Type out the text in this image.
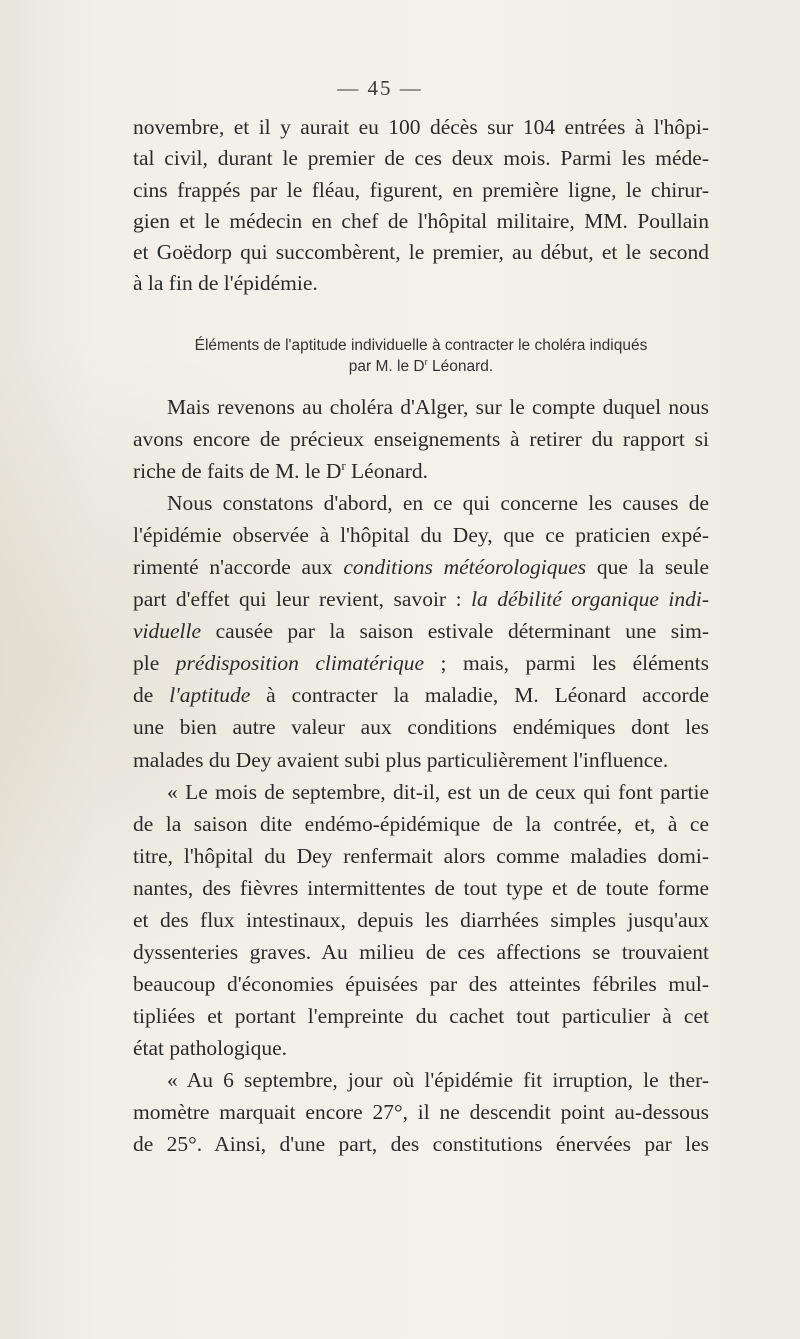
— 45 —
novembre, et il y aurait eu 100 décès sur 104 entrées à l'hôpi-
tal civil, durant le premier de ces deux mois. Parmi les méde-
cins frappés par le fléau, figurent, en première ligne, le chirur-
gien et le médecin en chef de l'hôpital militaire, MM. Poullain
et Goëdorp qui succombèrent, le premier, au début, et le second
à la fin de l'épidémie.
Éléments de l'aptitude individuelle à contracter le choléra indiqués
par M. le $D^r$ Léonard.
Mais revenons au choléra d'Alger, sur le compte duquel nous
avons encore de précieux enseignements à retirer du rapport si
riche de faits de M. le $D^r$ Léonard.
Nous constatons d'abord, en ce qui concerne les causes de
l'épidémie observée à l'hôpital du Dey, que ce praticien expé-
rimenté n'accorde aux conditions météorologiques que la seule
part d'effet qui leur revient, savoir : la débilité organique indi-
viduelle causée par la saison estivale déterminant une sim-
ple prédisposition climatérique ; mais, parmi les éléments
de l'aptitude à contracter la maladie, M. Léonard accorde
une bien autre valeur aux conditions endémiques dont les
malades du Dey avaient subi plus particulièrement l'influence.
« Le mois de septembre, dit-il, est un de ceux qui font partie
de la saison dite endémo-épidémique de la contrée, et, à ce
titre, l'hôpital du Dey renfermait alors comme maladies domi-
nantes, des fièvres intermittentes de tout type et de toute forme
et des flux intestinaux, depuis les diarrhées simples jusqu'aux
dyssenteries graves. Au milieu de ces affections se trouvaient
beaucoup d'économies épuisées par des atteintes fébriles mul-
tipliées et portant l'empreinte du cachet tout particulier à cet
état pathologique.
« Au 6 septembre, jour où l'épidémie fit irruption, le ther-
momètre marquait encore 27°, il ne descendit point au-dessous
de 25°. Ainsi, d'une part, des constitutions énervées par les
